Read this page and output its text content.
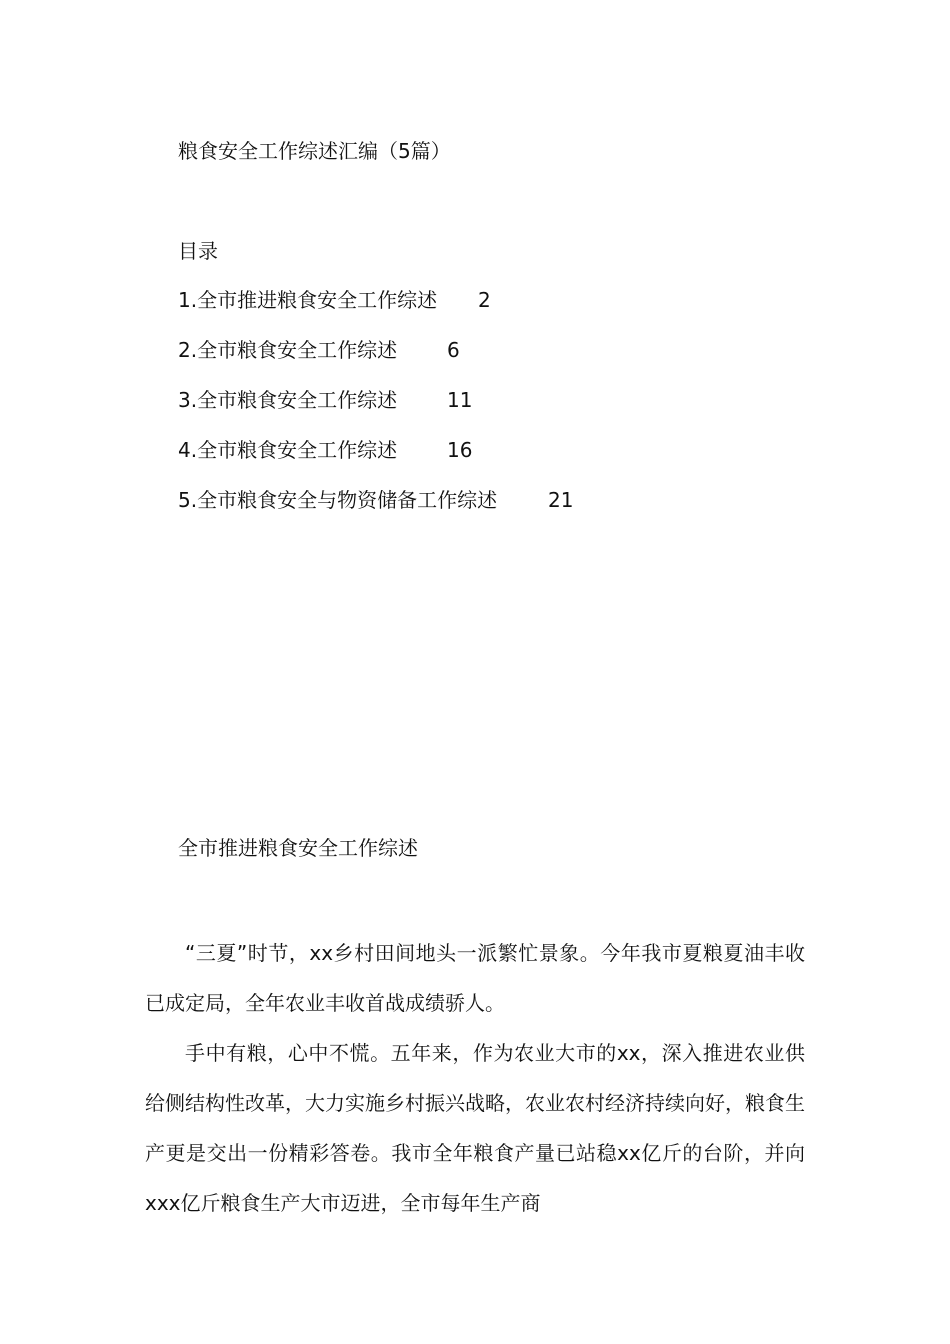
粮食安全工作综述汇编（5篇）
目录
1.全市推进粮食安全工作综述	2
2.全市粮食安全工作综述	6
3.全市粮食安全工作综述	11
4.全市粮食安全工作综述	16
5.全市粮食安全与物资储备工作综述	21
全市推进粮食安全工作综述

“三夏”时节，xx乡村田间地头一派繁忙景象。今年我市夏粮夏油丰收已成定局，全年农业丰收首战成绩骄人。

手中有粮，心中不慌。五年来，作为农业大市的xx，深入推进农业供给侧结构性改革，大力实施乡村振兴战略，农业农村经济持续向好，粮食生产更是交出一份精彩答卷。我市全年粮食产量已站稳xx亿斤的台阶，并向xxx亿斤粮食生产大市迈进，全市每年生产商
